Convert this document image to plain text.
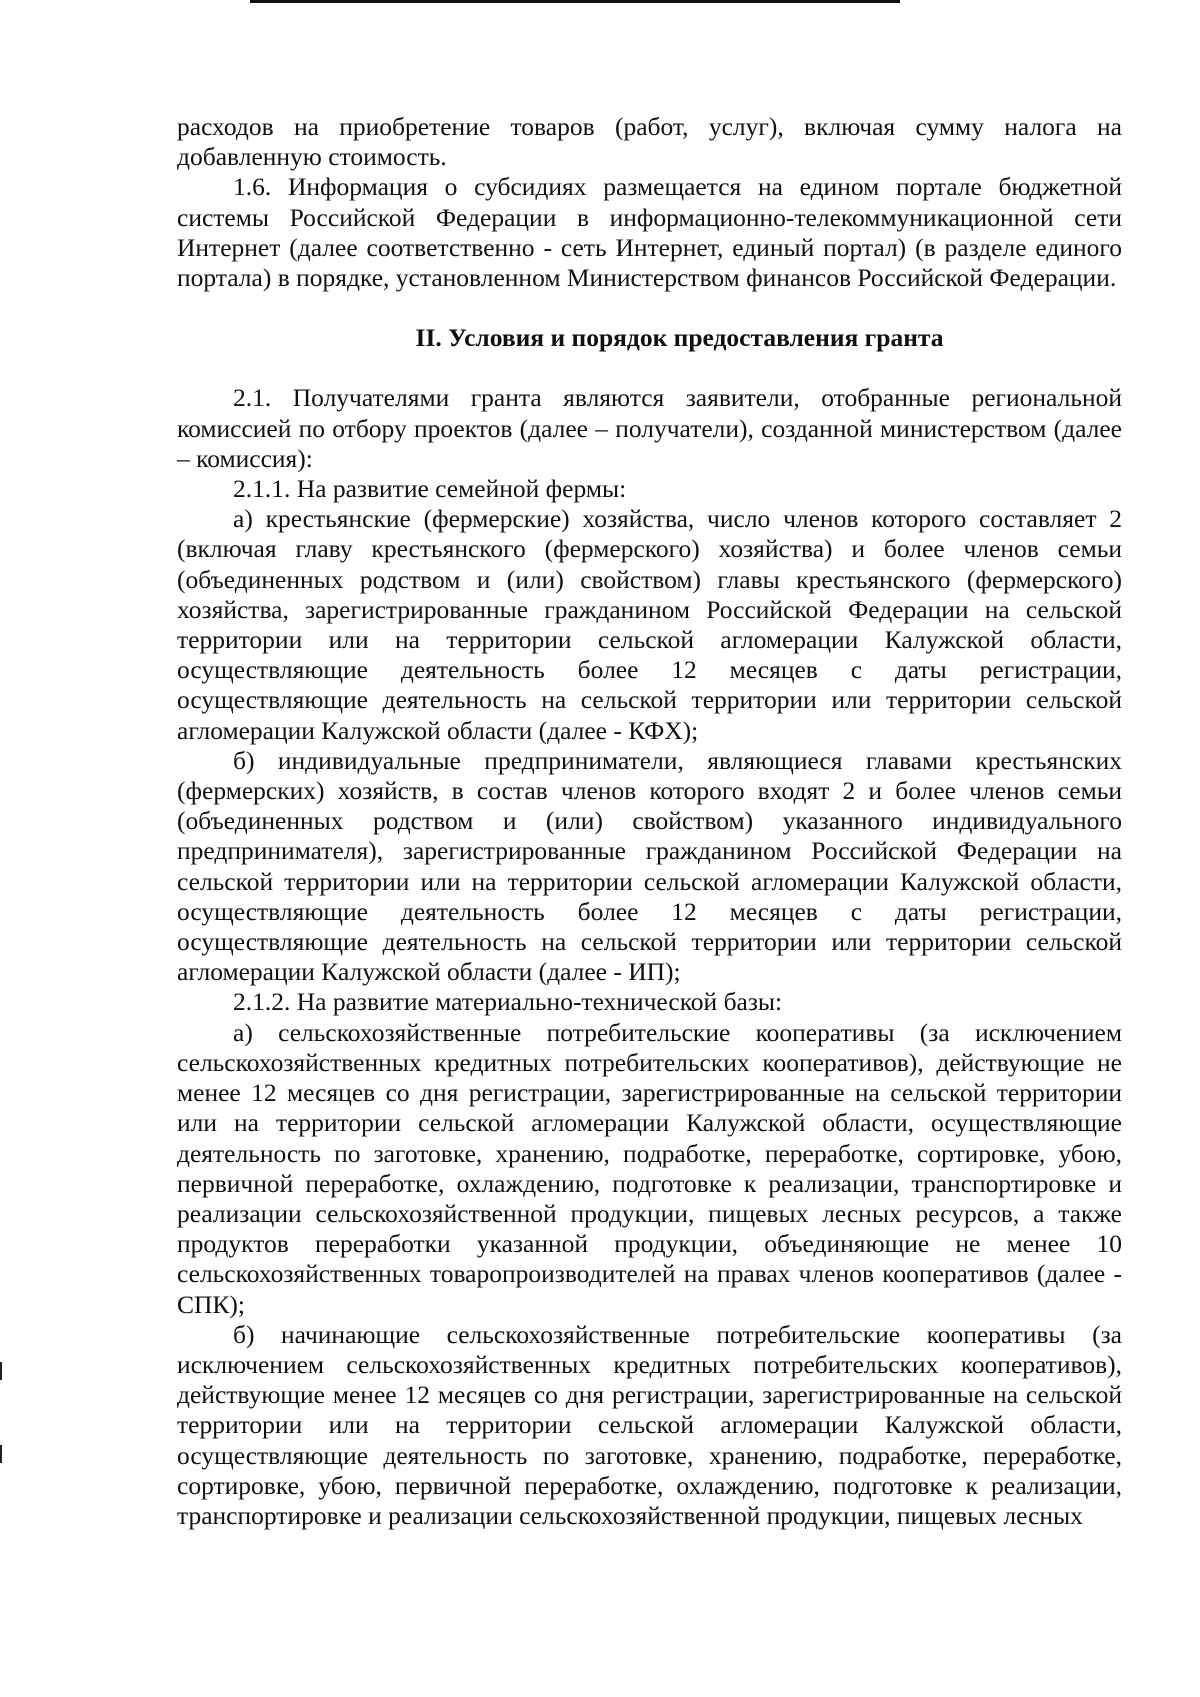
расходов на приобретение товаров (работ, услуг), включая сумму налога на добавленную стоимость.

1.6. Информация о субсидиях размещается на едином портале бюджетной системы Российской Федерации в информационно-телекоммуникационной сети Интернет (далее соответственно - сеть Интернет, единый портал) (в разделе единого портала) в порядке, установленном Министерством финансов Российской Федерации.

II. Условия и порядок предоставления гранта

2.1. Получателями гранта являются заявители, отобранные региональной комиссией по отбору проектов (далее – получатели), созданной министерством (далее – комиссия):

2.1.1. На развитие семейной фермы:

а) крестьянские (фермерские) хозяйства, число членов которого составляет 2 (включая главу крестьянского (фермерского) хозяйства) и более членов семьи (объединенных родством и (или) свойством) главы крестьянского (фермерского) хозяйства, зарегистрированные гражданином Российской Федерации на сельской территории или на территории сельской агломерации Калужской области, осуществляющие деятельность более 12 месяцев с даты регистрации, осуществляющие деятельность на сельской территории или территории сельской агломерации Калужской области (далее - КФХ);

б) индивидуальные предприниматели, являющиеся главами крестьянских (фермерских) хозяйств, в состав членов которого входят 2 и более членов семьи (объединенных родством и (или) свойством) указанного индивидуального предпринимателя), зарегистрированные гражданином Российской Федерации на сельской территории или на территории сельской агломерации Калужской области, осуществляющие деятельность более 12 месяцев с даты регистрации, осуществляющие деятельность на сельской территории или территории сельской агломерации Калужской области (далее - ИП);

2.1.2. На развитие материально-технической базы:

а) сельскохозяйственные потребительские кооперативы (за исключением сельскохозяйственных кредитных потребительских кооперативов), действующие не менее 12 месяцев со дня регистрации, зарегистрированные на сельской территории или на территории сельской агломерации Калужской области, осуществляющие деятельность по заготовке, хранению, подработке, переработке, сортировке, убою, первичной переработке, охлаждению, подготовке к реализации, транспортировке и реализации сельскохозяйственной продукции, пищевых лесных ресурсов, а также продуктов переработки указанной продукции, объединяющие не менее 10 сельскохозяйственных товаропроизводителей на правах членов кооперативов (далее - СПК);

б) начинающие сельскохозяйственные потребительские кооперативы (за исключением сельскохозяйственных кредитных потребительских кооперативов), действующие менее 12 месяцев со дня регистрации, зарегистрированные на сельской территории или на территории сельской агломерации Калужской области, осуществляющие деятельность по заготовке, хранению, подработке, переработке, сортировке, убою, первичной переработке, охлаждению, подготовке к реализации, транспортировке и реализации сельскохозяйственной продукции, пищевых лесных
